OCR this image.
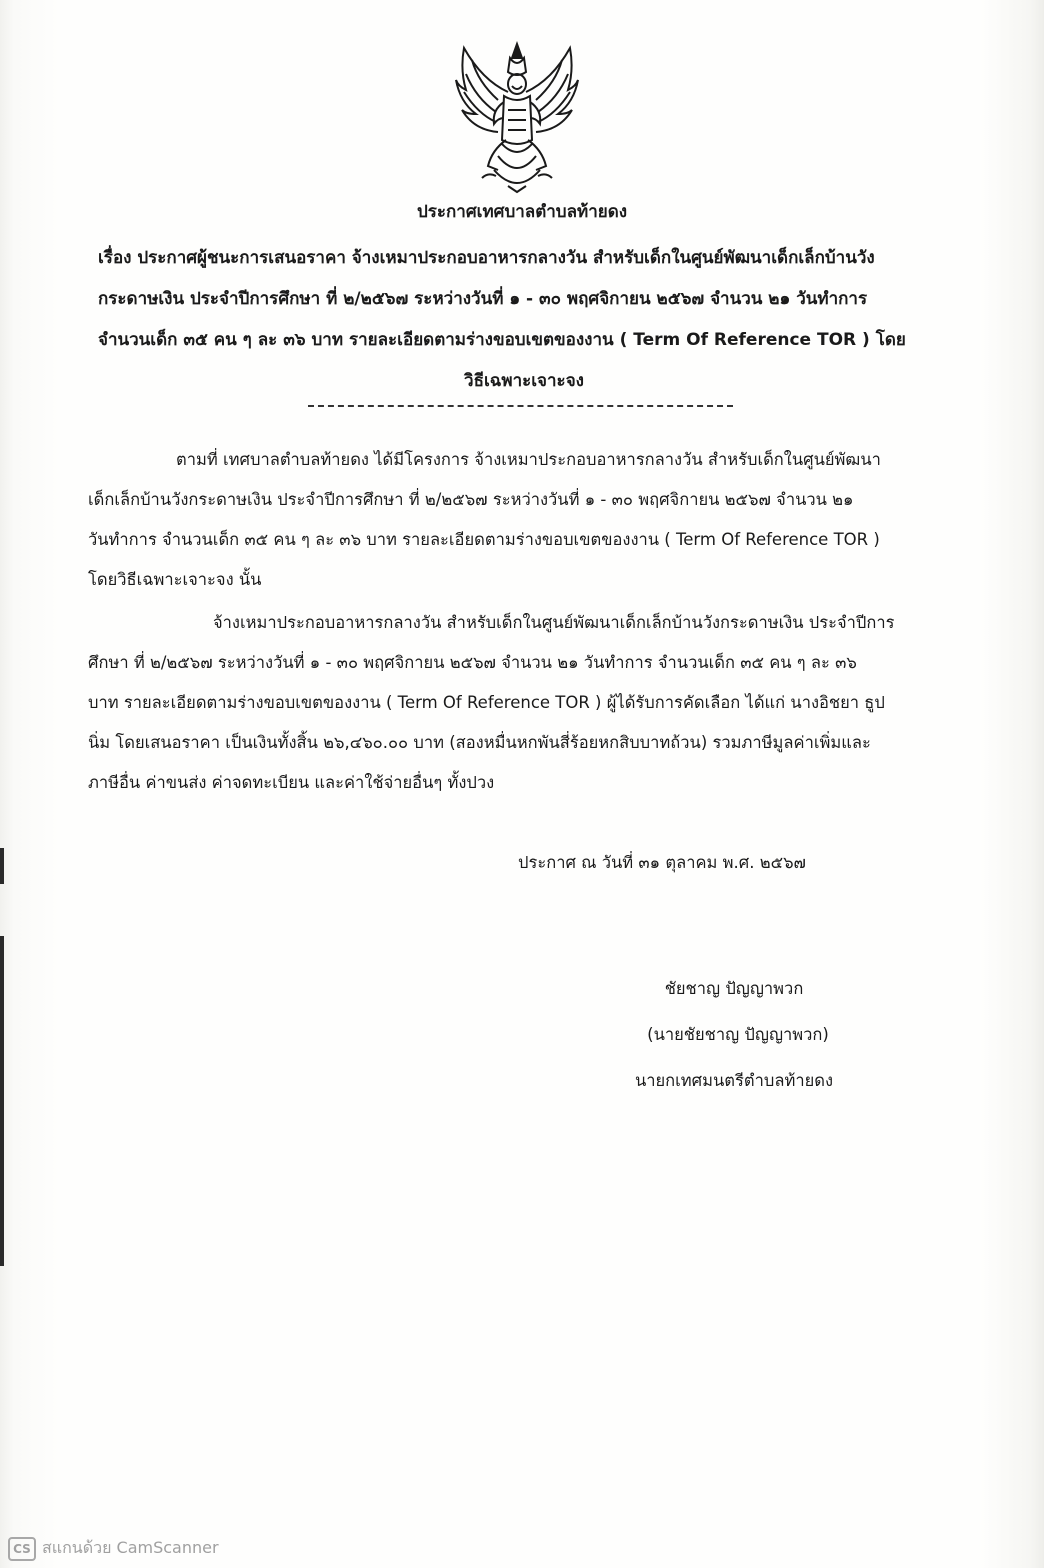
ประกาศเทศบาลตำบลท้ายดง
เรื่อง ประกาศผู้ชนะการเสนอราคา จ้างเหมาประกอบอาหารกลางวัน สำหรับเด็กในศูนย์พัฒนาเด็กเล็กบ้านวัง
กระดาษเงิน ประจำปีการศึกษา ที่ ๒/๒๕๖๗ ระหว่างวันที่ ๑ - ๓๐ พฤศจิกายน ๒๕๖๗ จำนวน ๒๑ วันทำการ
จำนวนเด็ก ๓๕ คน ๆ ละ ๓๖ บาท รายละเอียดตามร่างขอบเขตของงาน ( Term Of Reference TOR ) โดย
วิธีเฉพาะเจาะจง
ตามที่ เทศบาลตำบลท้ายดง ได้มีโครงการ จ้างเหมาประกอบอาหารกลางวัน สำหรับเด็กในศูนย์พัฒนา
เด็กเล็กบ้านวังกระดาษเงิน ประจำปีการศึกษา ที่ ๒/๒๕๖๗ ระหว่างวันที่ ๑ - ๓๐ พฤศจิกายน ๒๕๖๗ จำนวน ๒๑
วันทำการ จำนวนเด็ก ๓๕ คน ๆ ละ ๓๖ บาท รายละเอียดตามร่างขอบเขตของงาน ( Term Of Reference TOR )
โดยวิธีเฉพาะเจาะจง นั้น
จ้างเหมาประกอบอาหารกลางวัน สำหรับเด็กในศูนย์พัฒนาเด็กเล็กบ้านวังกระดาษเงิน ประจำปีการ
ศึกษา ที่ ๒/๒๕๖๗ ระหว่างวันที่ ๑ - ๓๐ พฤศจิกายน ๒๕๖๗ จำนวน ๒๑ วันทำการ จำนวนเด็ก ๓๕ คน ๆ ละ ๓๖
บาท รายละเอียดตามร่างขอบเขตของงาน ( Term Of Reference TOR ) ผู้ได้รับการคัดเลือก ได้แก่ นางอิชยา ธูป
นิ่ม โดยเสนอราคา เป็นเงินทั้งสิ้น ๒๖,๔๖๐.๐๐ บาท (สองหมื่นหกพันสี่ร้อยหกสิบบาทถ้วน) รวมภาษีมูลค่าเพิ่มและ
ภาษีอื่น ค่าขนส่ง ค่าจดทะเบียน และค่าใช้จ่ายอื่นๆ ทั้งปวง
ประกาศ ณ วันที่ ๓๑ ตุลาคม พ.ศ. ๒๕๖๗
ชัยชาญ ปัญญาพวก
(นายชัยชาญ ปัญญาพวก)
นายกเทศมนตรีตำบลท้ายดง
CS สแกนด้วย CamScanner
